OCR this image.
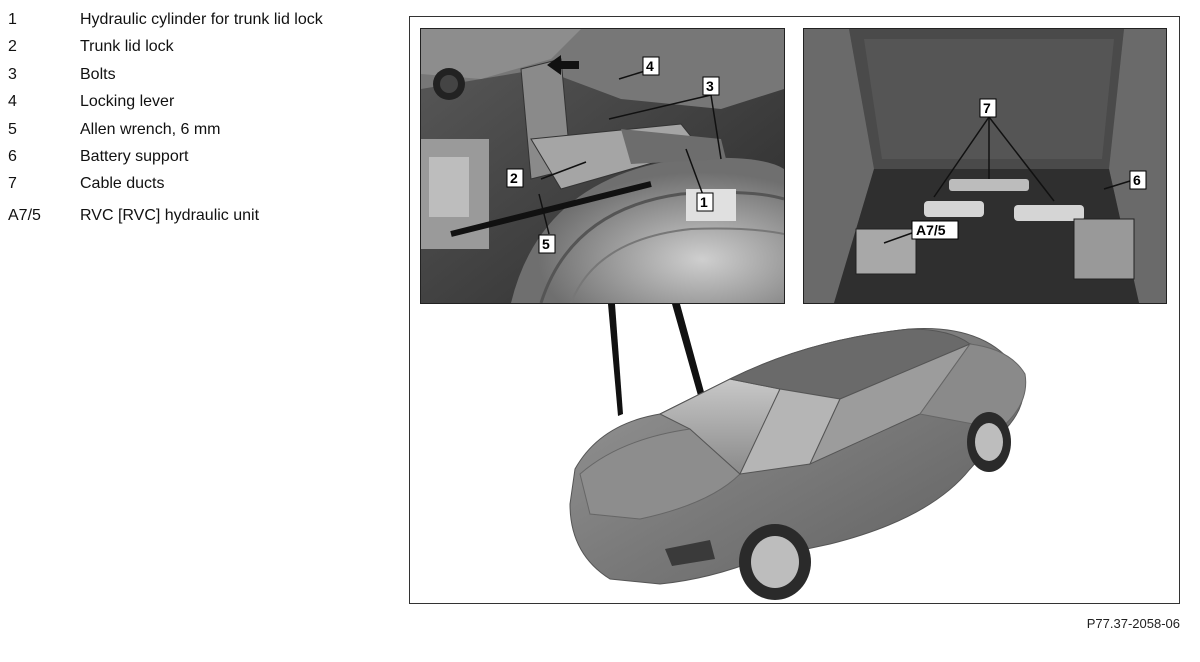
1	Hydraulic cylinder for trunk lid lock
2	Trunk lid lock
3	Bolts
4	Locking lever
5	Allen wrench, 6 mm
6	Battery support
7	Cable ducts
A7/5 RVC [RVC] hydraulic unit
1
2
3
4
5
7
6
A7/5
P77.37-2058-06
